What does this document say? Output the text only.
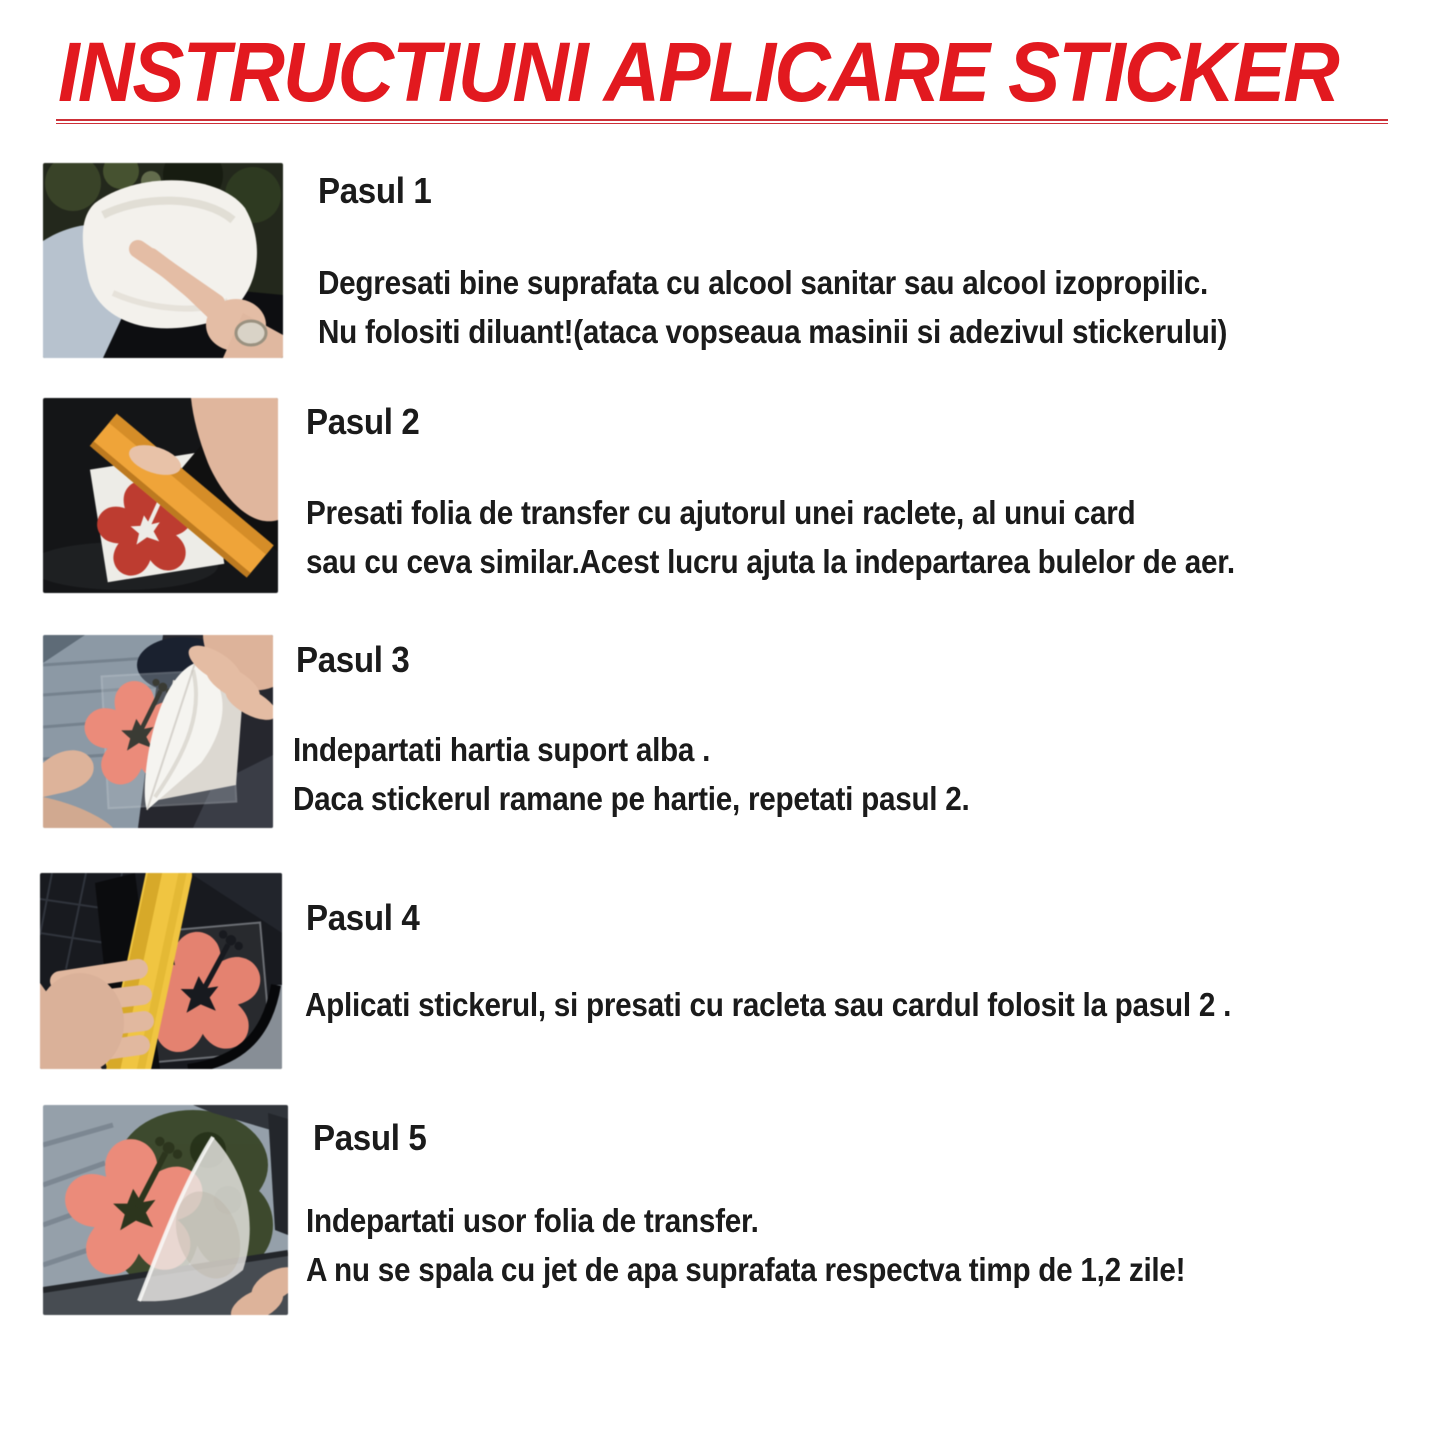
INSTRUCTIUNI APLICARE STICKER
Pasul 1
Degresati bine suprafata cu alcool sanitar sau alcool izopropilic.
Nu folositi diluant!(ataca vopseaua masinii si adezivul stickerului)
Pasul 2
Presati folia de transfer cu ajutorul unei raclete, al unui card
sau cu ceva similar.Acest lucru ajuta la indepartarea bulelor de aer.
Pasul 3
Indepartati hartia suport alba .
Daca stickerul ramane pe hartie, repetati pasul 2.
Pasul 4
Aplicati stickerul, si presati cu racleta sau cardul folosit la pasul 2 .
Pasul 5
Indepartati usor folia de transfer.
A nu se spala cu jet de apa suprafata respectva timp de 1,2 zile!
